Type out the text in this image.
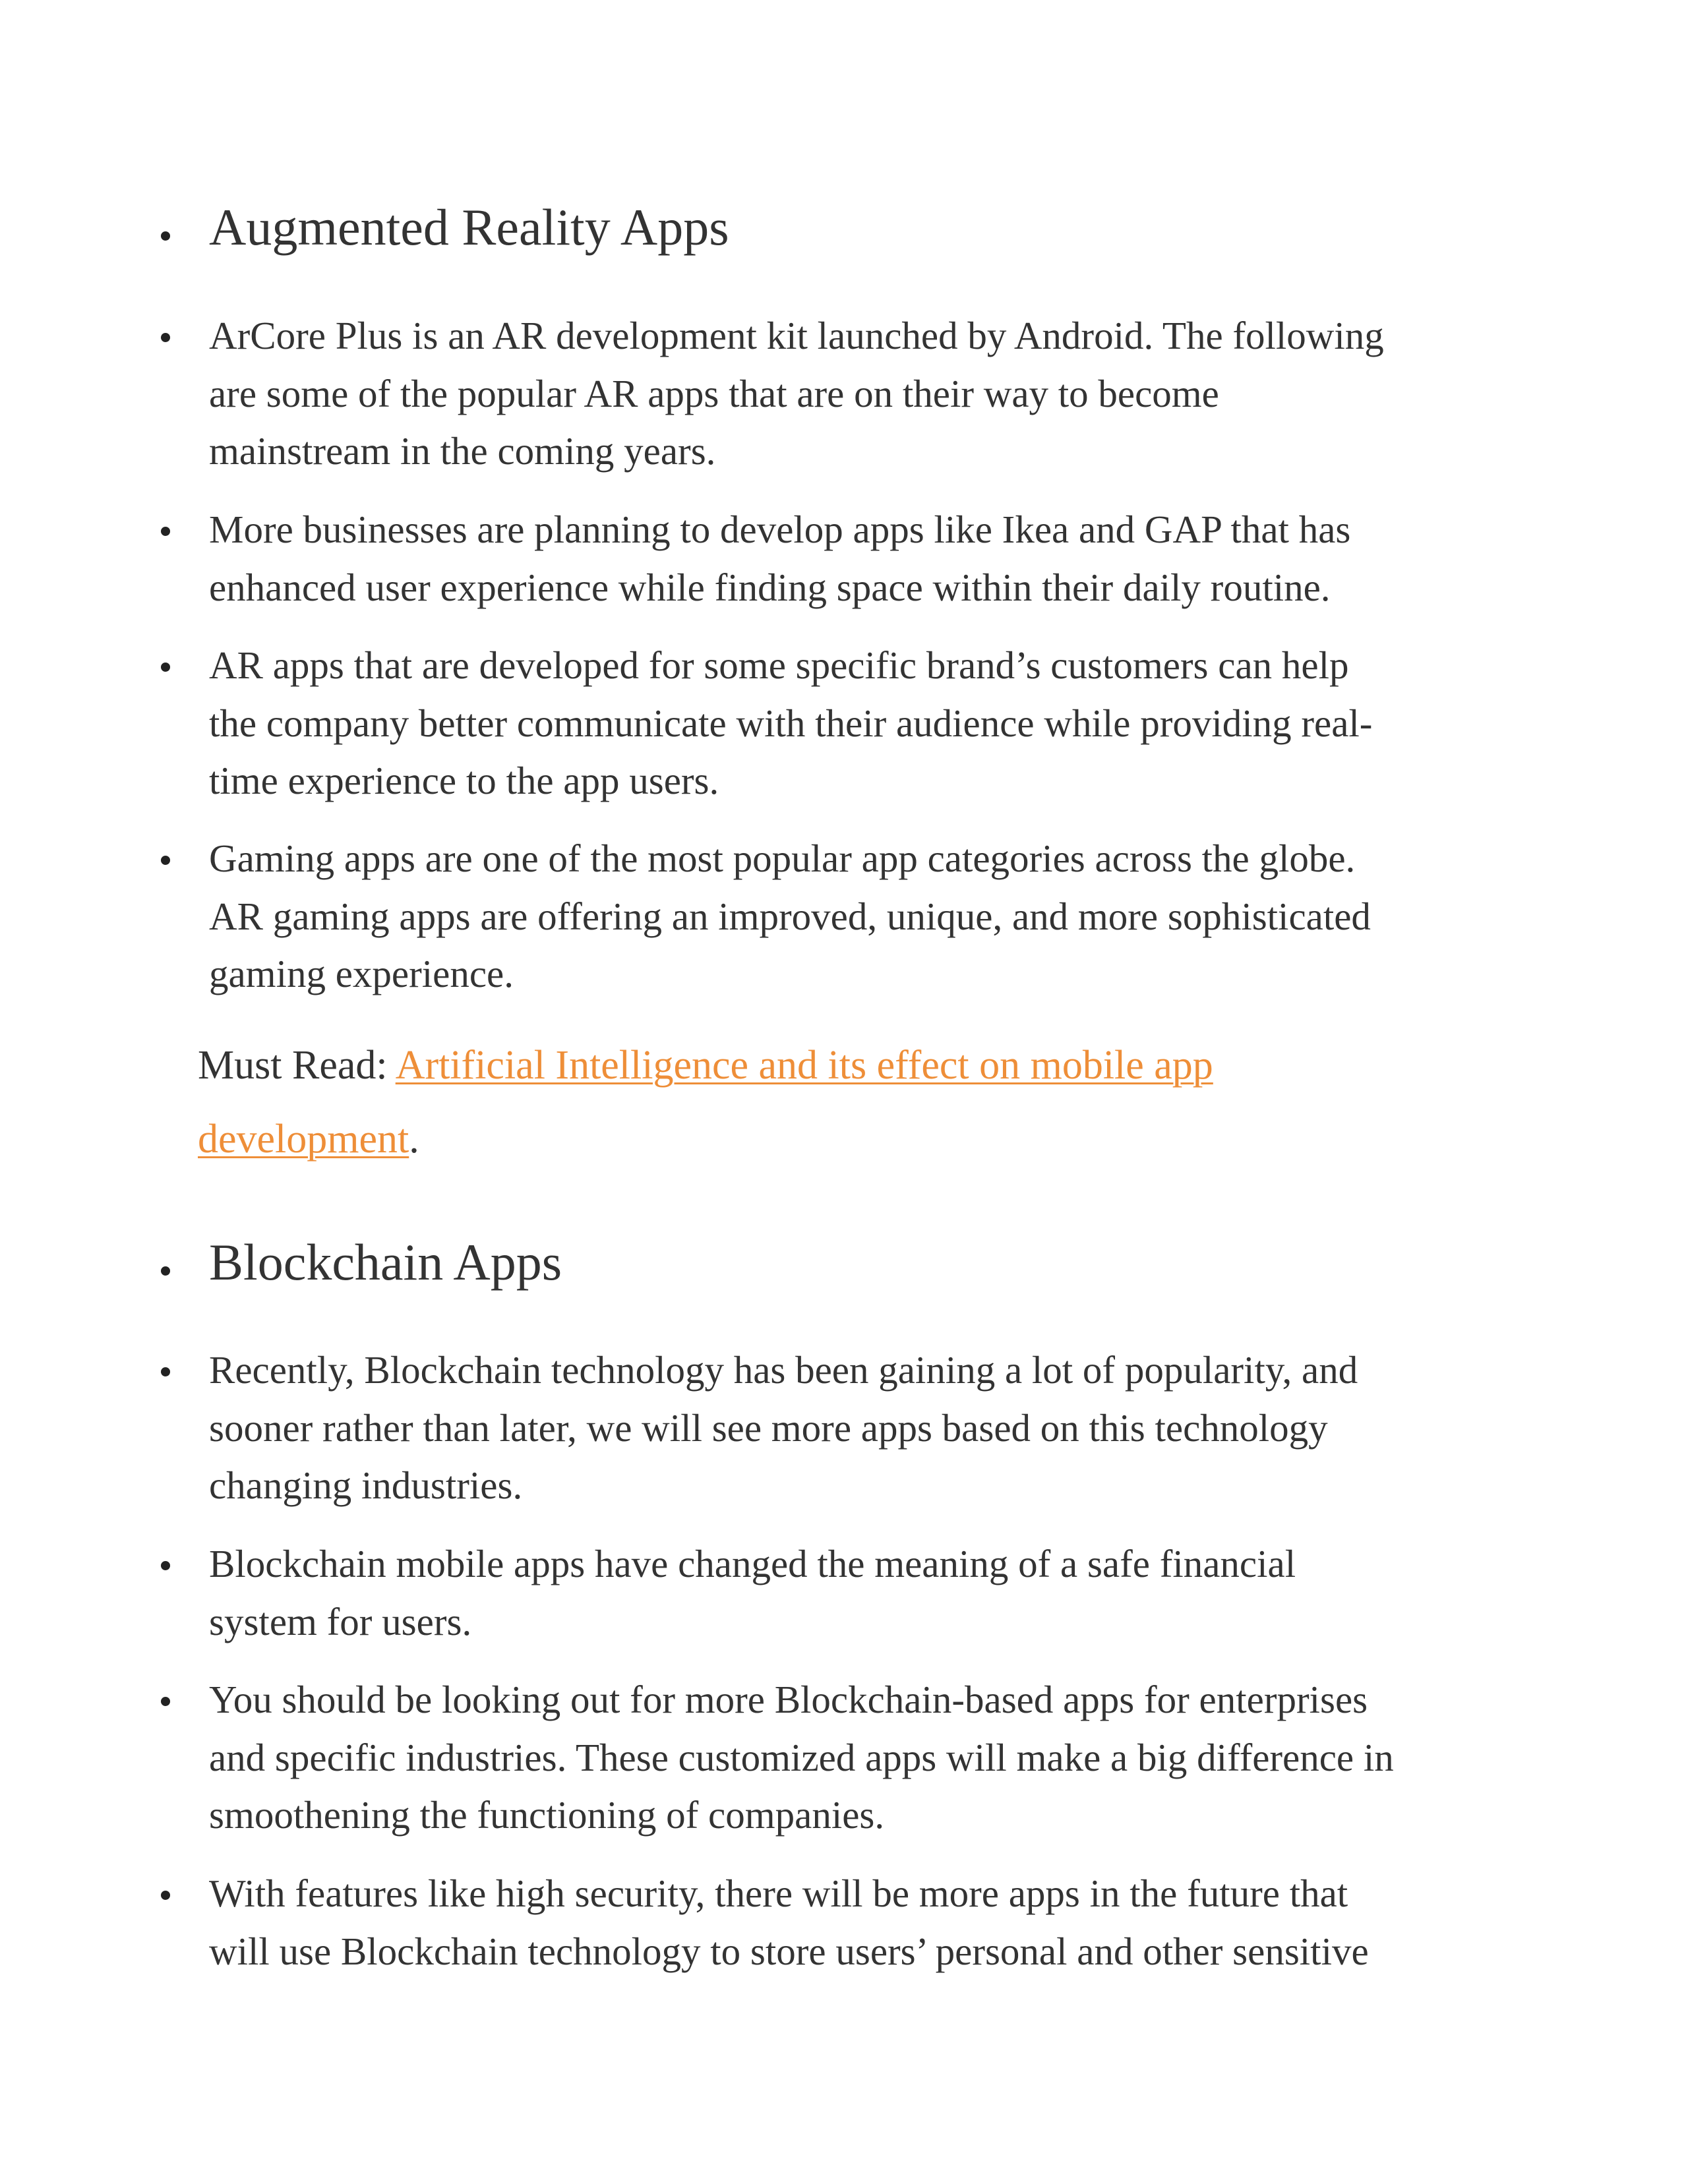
Augmented Reality Apps
ArCore Plus is an AR development kit launched by Android. The following
are some of the popular AR apps that are on their way to become
mainstream in the coming years.
More businesses are planning to develop apps like Ikea and GAP that has
enhanced user experience while finding space within their daily routine.
AR apps that are developed for some specific brand’s customers can help
the company better communicate with their audience while providing real-
time experience to the app users.
Gaming apps are one of the most popular app categories across the globe.
AR gaming apps are offering an improved, unique, and more sophisticated
gaming experience.
Must Read: Artificial Intelligence and its effect on mobile app
development.
Blockchain Apps
Recently, Blockchain technology has been gaining a lot of popularity, and
sooner rather than later, we will see more apps based on this technology
changing industries.
Blockchain mobile apps have changed the meaning of a safe financial
system for users.
You should be looking out for more Blockchain-based apps for enterprises
and specific industries. These customized apps will make a big difference in
smoothening the functioning of companies.
With features like high security, there will be more apps in the future that
will use Blockchain technology to store users’ personal and other sensitive
